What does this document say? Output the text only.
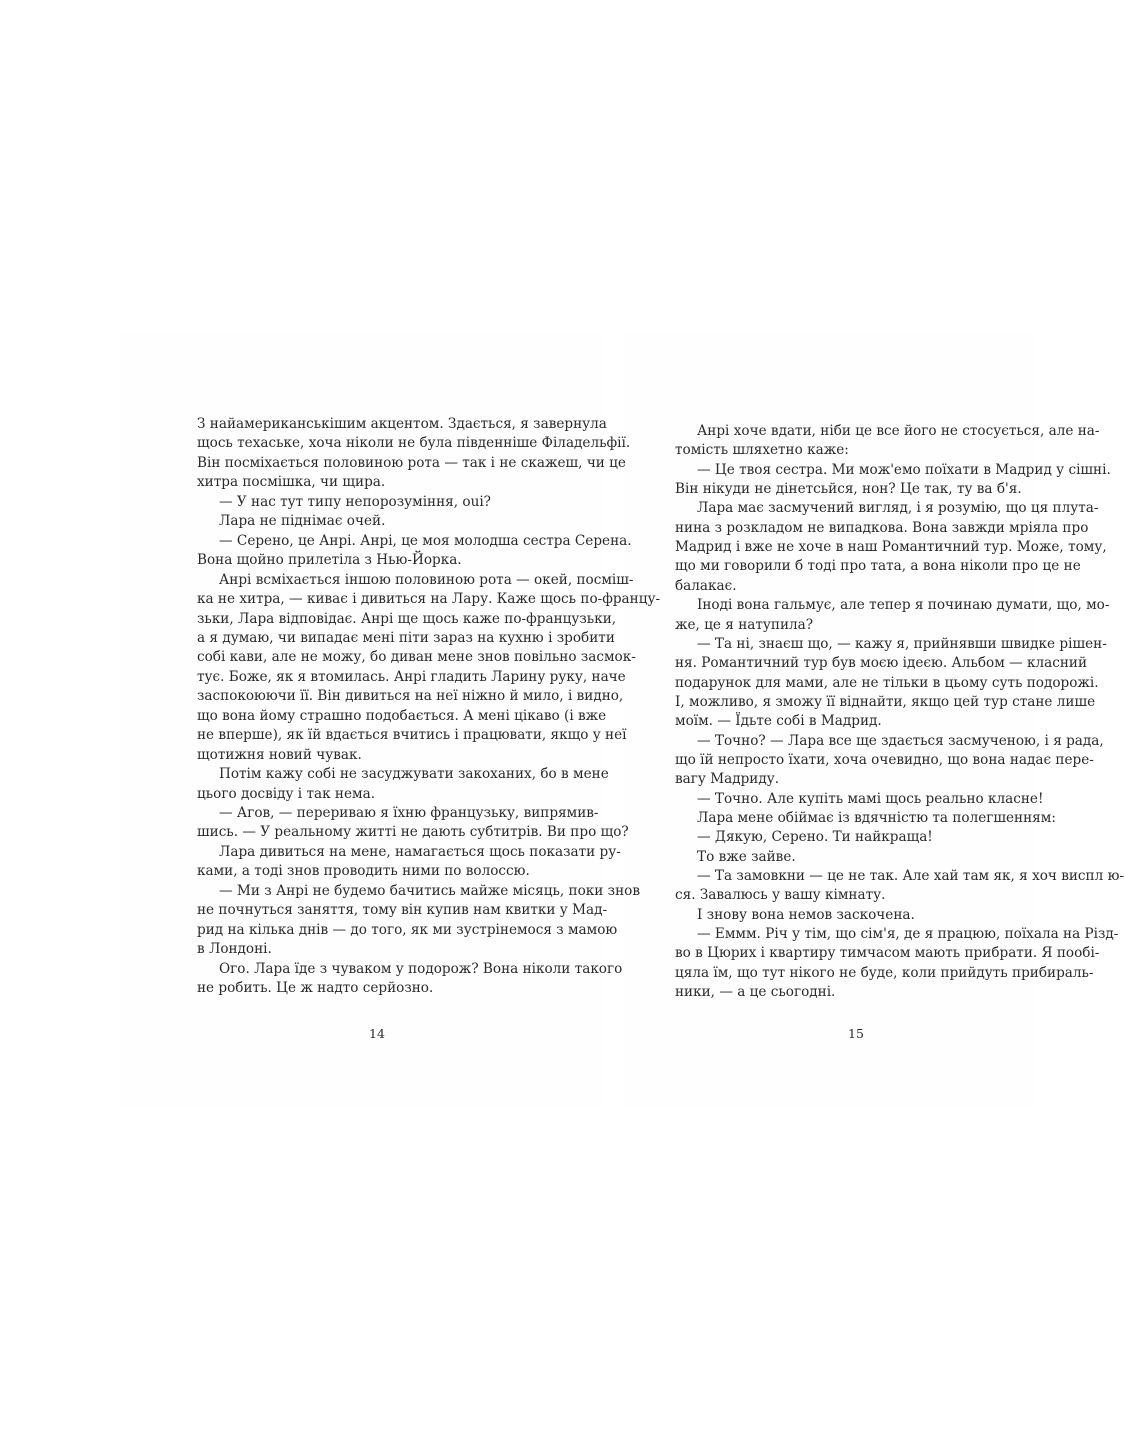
З найамериканськішим акцентом. Здається, я завернула
щось техаське, хоча ніколи не була південніше Філадельфії.
Він посміхається половиною рота — так і не скажеш, чи це
хитра посмішка, чи щира.
— У нас тут типу непорозуміння, oui?
Лара не піднімає очей.
— Серено, це Анрі. Анрі, це моя молодша сестра Серена.
Вона щойно прилетіла з Нью-Йорка.
Анрі всміхається іншою половиною рота — окей, посміш-
ка не хитра, — киває і дивиться на Лару. Каже щось по-францу-
зьки, Лара відповідає. Анрі ще щось каже по-французьки,
а я думаю, чи випадає мені піти зараз на кухню і зробити
собі кави, але не можу, бо диван мене знов повільно засмок-
тує. Боже, як я втомилась. Анрі гладить Ларину руку, наче
заспокоюючи її. Він дивиться на неї ніжно й мило, і видно,
що вона йому страшно подобається. А мені цікаво (і вже
не вперше), як їй вдається вчитись і працювати, якщо у неї
щотижня новий чувак.
Потім кажу собі не засуджувати закоханих, бо в мене
цього досвіду і так нема.
— Агов, — перериваю я їхню французьку, випрямив-
шись. — У реальному житті не дають субтитрів. Ви про що?
Лара дивиться на мене, намагається щось показати ру-
ками, а тоді знов проводить ними по волоссю.
— Ми з Анрі не будемо бачитись майже місяць, поки знов
не почнуться заняття, тому він купив нам квитки у Мад-
рид на кілька днів — до того, як ми зустрінемося з мамою
в Лондоні.
Ого. Лара їде з чуваком у подорож? Вона ніколи такого
не робить. Це ж надто серйозно.
Анрі хоче вдати, ніби це все його не стосується, але на-
томість шляхетно каже:
— Це твоя сестра. Ми мож'емо поїхати в Мадрид у сішні.
Він нікуди не дінетсьйся, нон? Це так, ту ва б'я.
Лара має засмучений вигляд, і я розумію, що ця плута-
нина з розкладом не випадкова. Вона завжди мріяла про
Мадрид і вже не хоче в наш Романтичний тур. Може, тому,
що ми говорили б тоді про тата, а вона ніколи про це не
балакає.
Іноді вона гальмує, але тепер я починаю думати, що, мо-
же, це я натупила?
— Та ні, знаєш що, — кажу я, прийнявши швидке рішен-
ня. Романтичний тур був моєю ідеєю. Альбом — класний
подарунок для мами, але не тільки в цьому суть подорожі.
І, можливо, я зможу її віднайти, якщо цей тур стане лише
моїм. — Їдьте собі в Мадрид.
— Точно? — Лара все ще здається засмученою, і я рада,
що їй непросто їхати, хоча очевидно, що вона надає пере-
вагу Мадриду.
— Точно. Але купіть мамі щось реально класне!
Лара мене обіймає із вдячністю та полегшенням:
— Дякую, Серено. Ти найкраща!
То вже зайве.
— Та замовкни — це не так. Але хай там як, я хоч виспл ю-
ся. Завалюсь у вашу кімнату.
І знову вона немов заскочена.
— Еммм. Річ у тім, що сім'я, де я працюю, поїхала на Різд-
во в Цюрих і квартиру тимчасом мають прибрати. Я пообі-
цяла їм, що тут нікого не буде, коли прийдуть прибираль-
ники, — а це сьогодні.
14	15
